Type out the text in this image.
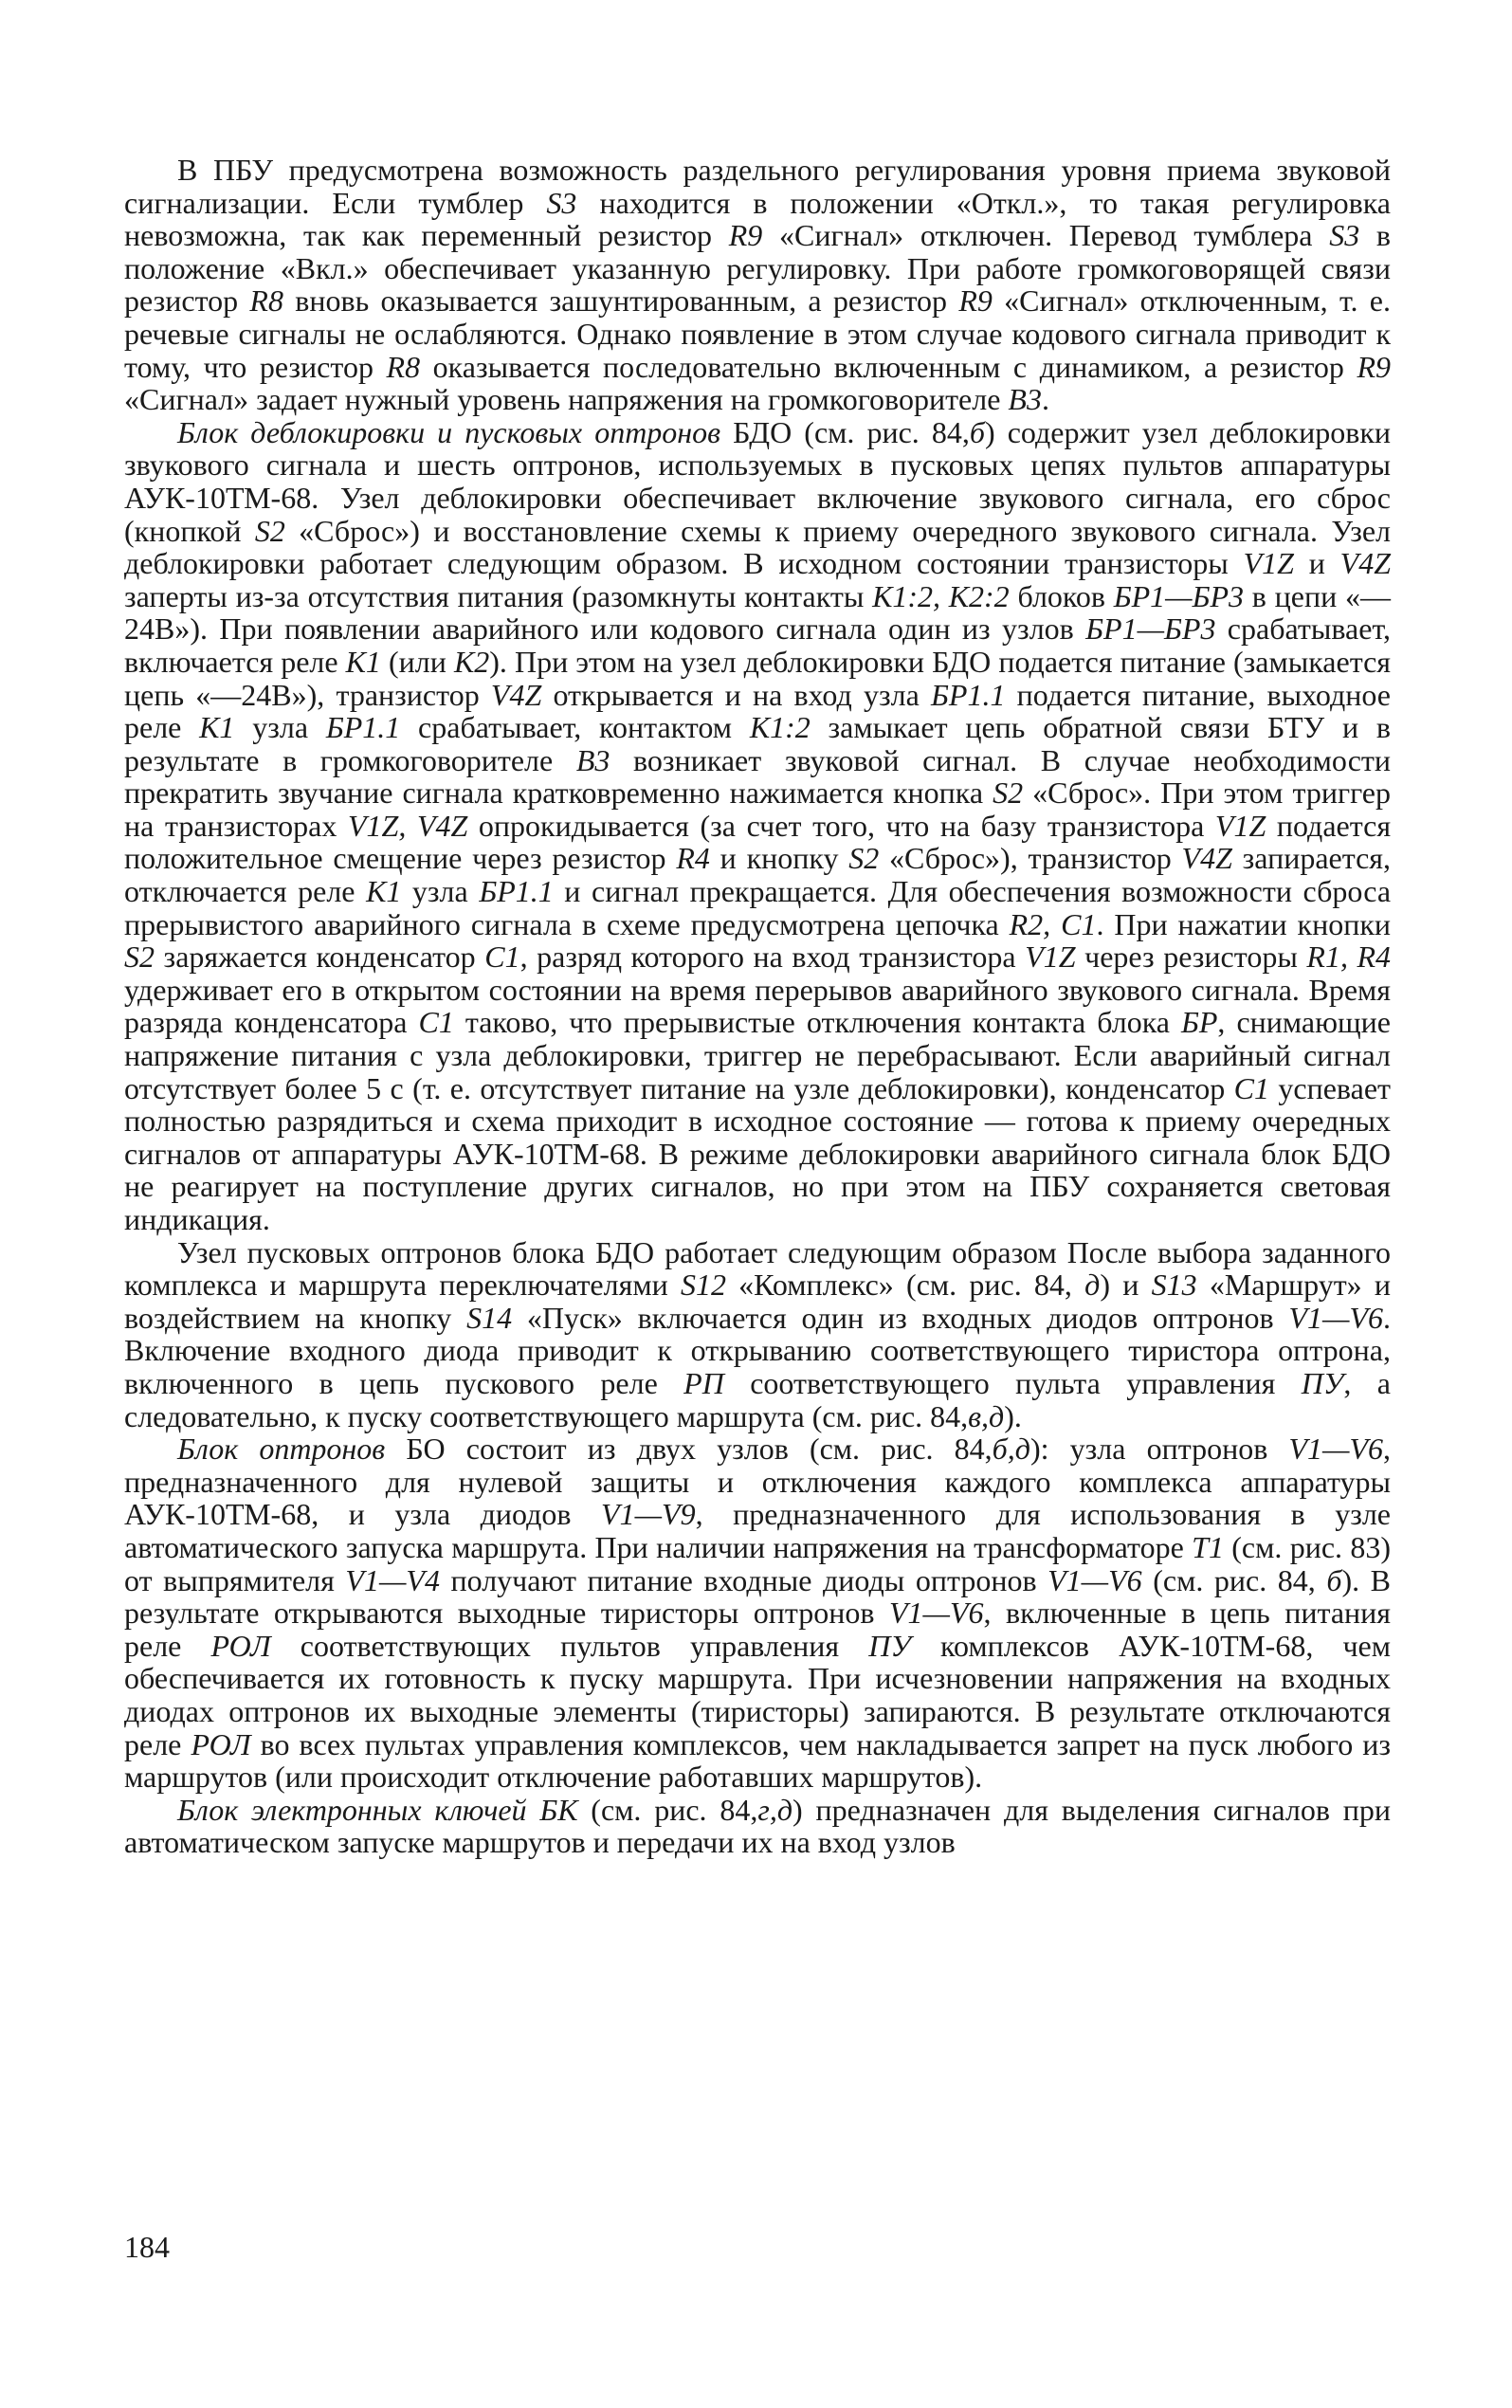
В ПБУ предусмотрена возможность раздельного регулирования уровня приема звуковой сигнализации. Если тумблер S3 находится в положении «Откл.», то такая регулировка невозможна, так как переменный резистор R9 «Сигнал» отключен. Перевод тумблера S3 в положение «Вкл.» обеспечивает указанную регулировку. При работе громкоговорящей связи резистор R8 вновь оказывается зашунтированным, а резистор R9 «Сигнал» отключенным, т. е. речевые сигналы не ослабляются. Однако появление в этом случае кодового сигнала приводит к тому, что резистор R8 оказывается последовательно включенным с динамиком, а резистор R9 «Сигнал» задает нужный уровень напряжения на громкоговорителе B3.

Блок деблокировки и пусковых оптронов БДО (см. рис. 84,б) содержит узел деблокировки звукового сигнала и шесть оптронов, используемых в пусковых цепях пультов аппаратуры АУК-10ТМ-68. Узел деблокировки обеспечивает включение звукового сигнала, его сброс (кнопкой S2 «Сброс») и восстановление схемы к приему очередного звукового сигнала. Узел деблокировки работает следующим образом. В исходном состоянии транзисторы V1Z и V4Z заперты из-за отсутствия питания (разомкнуты контакты К1:2, К2:2 блоков БР1—БР3 в цепи «—24В»). При появлении аварийного или кодового сигнала один из узлов БР1—БР3 срабатывает, включается реле К1 (или К2). При этом на узел деблокировки БДО подается питание (замыкается цепь «—24В»), транзистор V4Z открывается и на вход узла БР1.1 подается питание, выходное реле К1 узла БР1.1 срабатывает, контактом К1:2 замыкает цепь обратной связи БТУ и в результате в громкоговорителе B3 возникает звуковой сигнал. В случае необходимости прекратить звучание сигнала кратковременно нажимается кнопка S2 «Сброс». При этом триггер на транзисторах V1Z, V4Z опрокидывается (за счет того, что на базу транзистора V1Z подается положительное смещение через резистор R4 и кнопку S2 «Сброс»), транзистор V4Z запирается, отключается реле К1 узла БР1.1 и сигнал прекращается. Для обеспечения возможности сброса прерывистого аварийного сигнала в схеме предусмотрена цепочка R2, C1. При нажатии кнопки S2 заряжается конденсатор C1, разряд которого на вход транзистора V1Z через резисторы R1, R4 удерживает его в открытом состоянии на время перерывов аварийного звукового сигнала. Время разряда конденсатора C1 таково, что прерывистые отключения контакта блока БР, снимающие напряжение питания с узла деблокировки, триггер не перебрасывают. Если аварийный сигнал отсутствует более 5 с (т. е. отсутствует питание на узле деблокировки), конденсатор C1 успевает полностью разрядиться и схема приходит в исходное состояние — готова к приему очередных сигналов от аппаратуры АУК-10ТМ-68. В режиме деблокировки аварийного сигнала блок БДО не реагирует на поступление других сигналов, но при этом на ПБУ сохраняется световая индикация.

Узел пусковых оптронов блока БДО работает следующим образом После выбора заданного комплекса и маршрута переключателями S12 «Комплекс» (см. рис. 84, д) и S13 «Маршрут» и воздействием на кнопку S14 «Пуск» включается один из входных диодов оптронов V1—V6. Включение входного диода приводит к открыванию соответствующего тиристора оптрона, включенного в цепь пускового реле РП соответствующего пульта управления ПУ, а следовательно, к пуску соответствующего маршрута (см. рис. 84,в,д).

Блок оптронов БО состоит из двух узлов (см. рис. 84,б,д): узла оптронов V1—V6, предназначенного для нулевой защиты и отключения каждого комплекса аппаратуры АУК-10ТМ-68, и узла диодов V1—V9, предназначенного для использования в узле автоматического запуска маршрута. При наличии напряжения на трансформаторе T1 (см. рис. 83) от выпрямителя V1—V4 получают питание входные диоды оптронов V1—V6 (см. рис. 84, б). В результате открываются выходные тиристоры оптронов V1—V6, включенные в цепь питания реле РОЛ соответствующих пультов управления ПУ комплексов АУК-10ТМ-68, чем обеспечивается их готовность к пуску маршрута. При исчезновении напряжения на входных диодах оптронов их выходные элементы (тиристоры) запираются. В результате отключаются реле РОЛ во всех пультах управления комплексов, чем накладывается запрет на пуск любого из маршрутов (или происходит отключение работавших маршрутов).

Блок электронных ключей БК (см. рис. 84,г,д) предназначен для выделения сигналов при автоматическом запуске маршрутов и передачи их на вход узлов

184
